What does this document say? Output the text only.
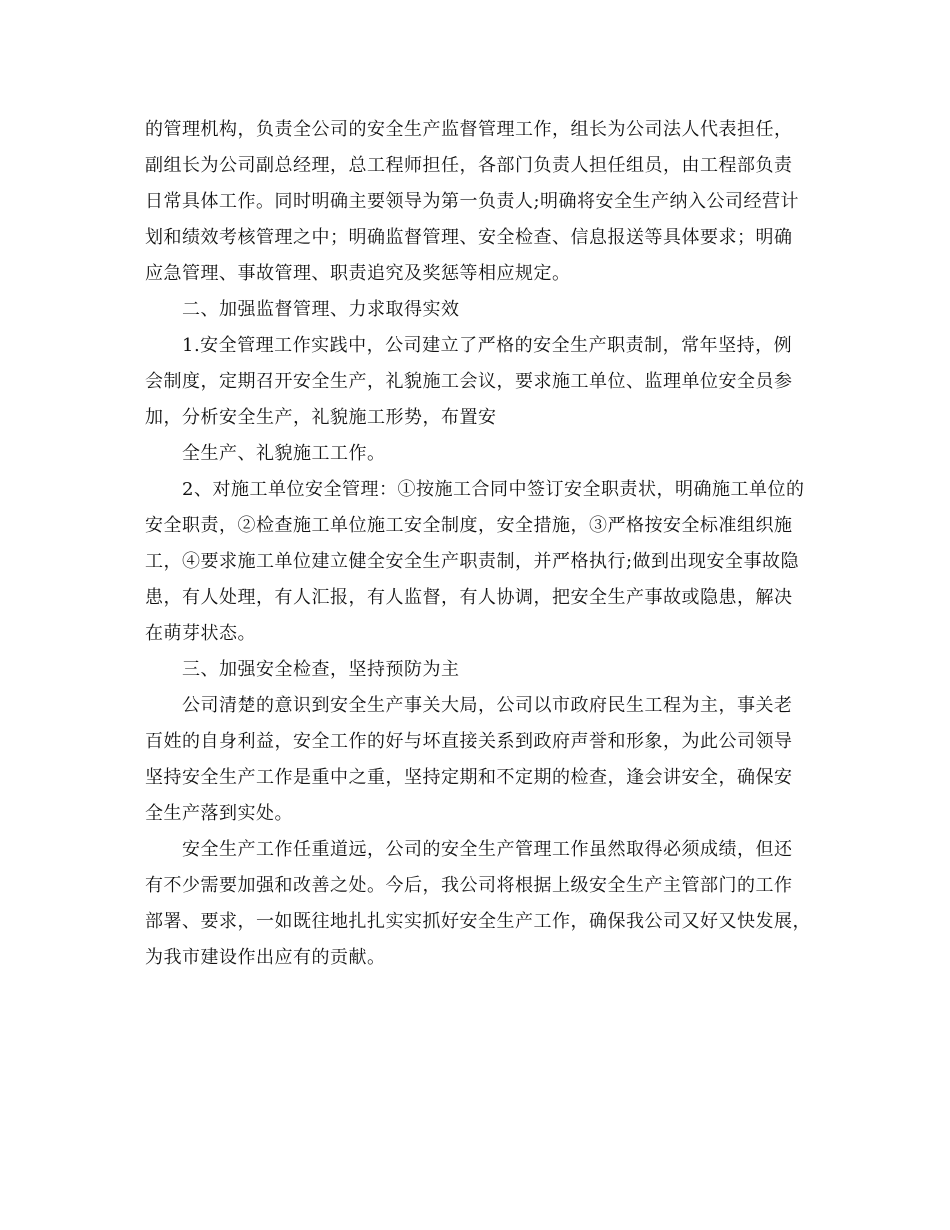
的管理机构，负责全公司的安全生产监督管理工作，组长为公司法人代表担任，
副组长为公司副总经理，总工程师担任，各部门负责人担任组员，由工程部负责
日常具体工作。同时明确主要领导为第一负责人;明确将安全生产纳入公司经营计
划和绩效考核管理之中；明确监督管理、安全检查、信息报送等具体要求；明确
应急管理、事故管理、职责追究及奖惩等相应规定。
二、加强监督管理、力求取得实效
1.安全管理工作实践中，公司建立了严格的安全生产职责制，常年坚持，例
会制度，定期召开安全生产，礼貌施工会议，要求施工单位、监理单位安全员参
加，分析安全生产，礼貌施工形势，布置安
全生产、礼貌施工工作。
2、对施工单位安全管理：①按施工合同中签订安全职责状，明确施工单位的
安全职责，②检查施工单位施工安全制度，安全措施，③严格按安全标准组织施
工，④要求施工单位建立健全安全生产职责制，并严格执行;做到出现安全事故隐
患，有人处理，有人汇报，有人监督，有人协调，把安全生产事故或隐患，解决
在萌芽状态。
三、加强安全检查，坚持预防为主
公司清楚的意识到安全生产事关大局，公司以市政府民生工程为主，事关老
百姓的自身利益，安全工作的好与坏直接关系到政府声誉和形象，为此公司领导
坚持安全生产工作是重中之重，坚持定期和不定期的检查，逢会讲安全，确保安
全生产落到实处。
安全生产工作任重道远，公司的安全生产管理工作虽然取得必须成绩，但还
有不少需要加强和改善之处。今后，我公司将根据上级安全生产主管部门的工作
部署、要求，一如既往地扎扎实实抓好安全生产工作，确保我公司又好又快发展，
为我市建设作出应有的贡献。
